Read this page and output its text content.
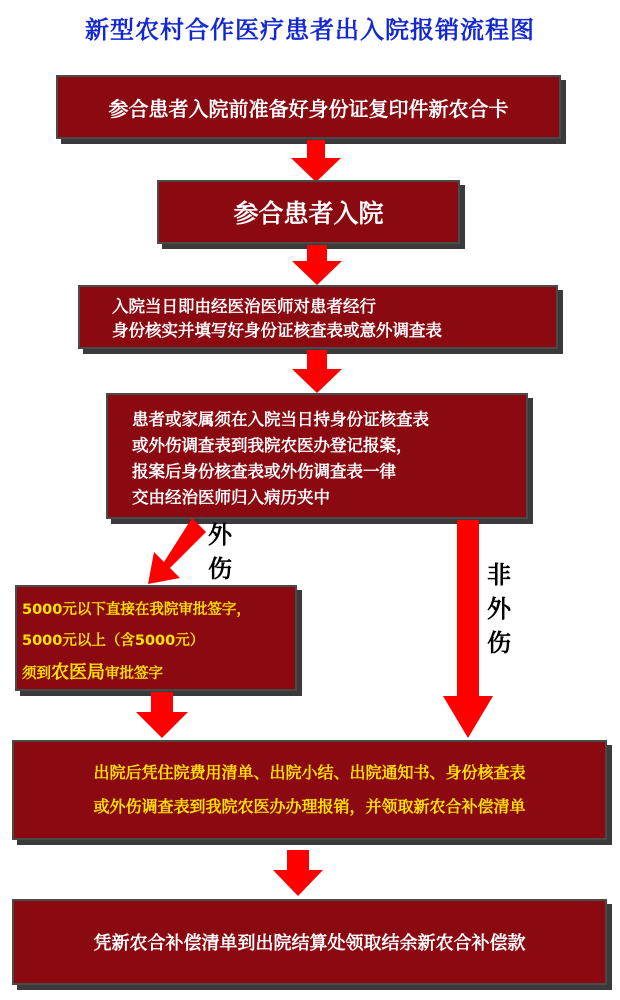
新型农村合作医疗患者出入院报销流程图
参合患者入院前准备好身份证复印件新农合卡
参合患者入院
入院当日即由经医治医师对患者经行
身份核实并填写好身份证核查表或意外调查表
患者或家属须在入院当日持身份证核查表
或外伤调查表到我院农医办登记报案，
报案后身份核查表或外伤调查表一律
交由经治医师归入病历夹中
外
伤	非
外
伤
5000元以下直接在我院审批签字，
5000元以上（含5000元）
须到农医局审批签字
出院后凭住院费用清单、出院小结、出院通知书、身份核查表
或外伤调查表到我院农医办办理报销，并领取新农合补偿清单
凭新农合补偿清单到出院结算处领取结余新农合补偿款
